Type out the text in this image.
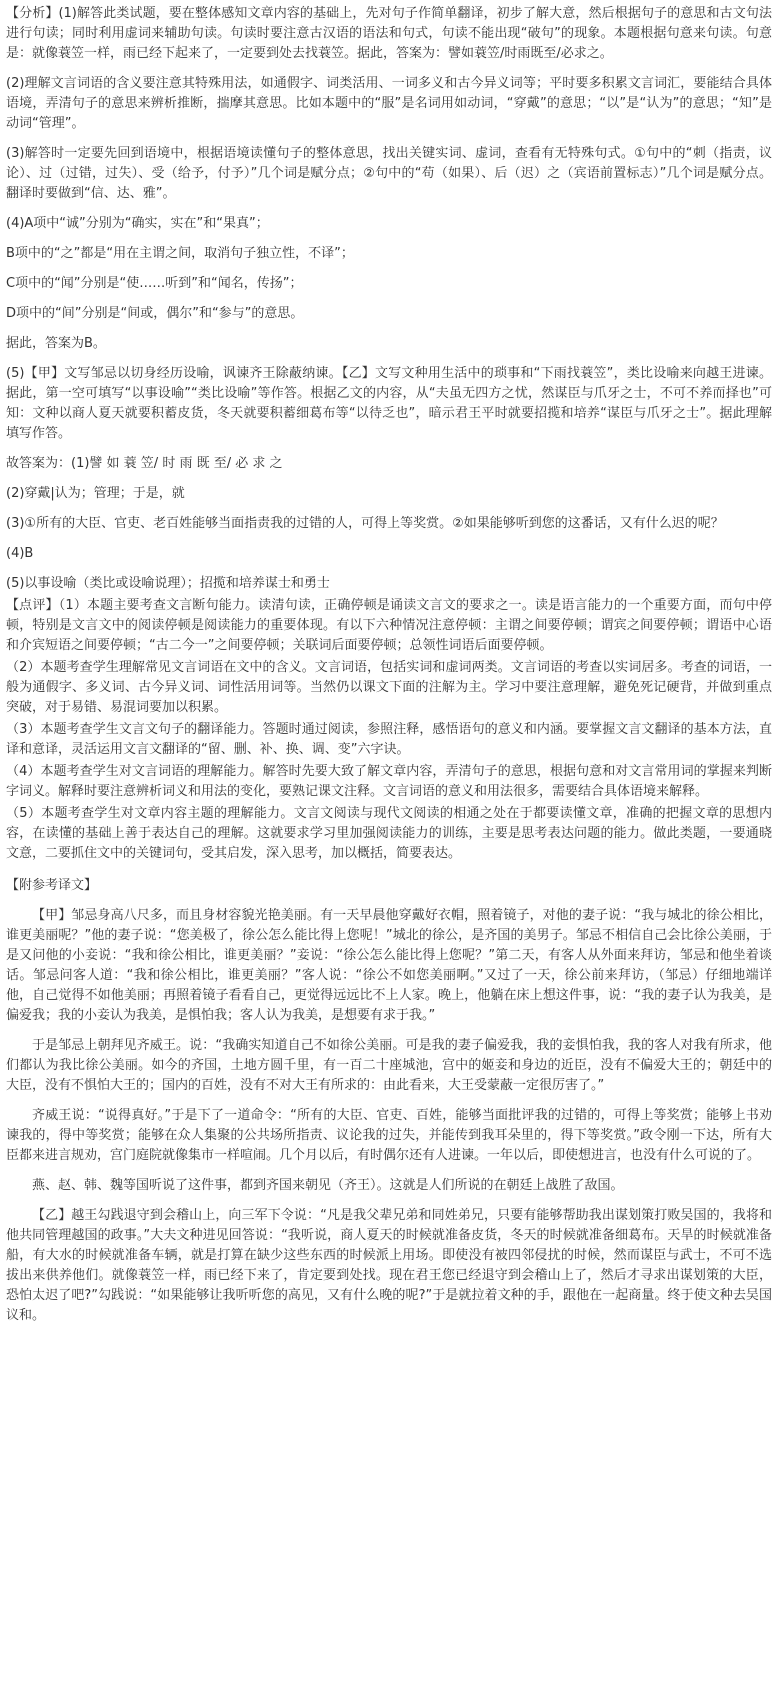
【分析】(1)解答此类试题，要在整体感知文章内容的基础上，先对句子作简单翻译，初步了解大意，然后根据句子的意思和古文句法进行句读；同时利用虚词来辅助句读。句读时要注意古汉语的语法和句式，句读不能出现“破句”的现象。本题根据句意来句读。句意是：就像蓑笠一样，雨已经下起来了，一定要到处去找蓑笠。据此，答案为：譬如蓑笠/时雨既至/必求之。

(2)理解文言词语的含义要注意其特殊用法，如通假字、词类活用、一词多义和古今异义词等；平时要多积累文言词汇，要能结合具体语境，弄清句子的意思来辨析推断，揣摩其意思。比如本题中的“服”是名词用如动词，“穿戴”的意思；“以”是“认为”的意思；“知”是动词“管理”。

(3)解答时一定要先回到语境中，根据语境读懂句子的整体意思，找出关键实词、虚词，查看有无特殊句式。①句中的“刺（指责，议论）、过（过错，过失）、受（给予，付予）”几个词是赋分点；②句中的“苟（如果）、后（迟）之（宾语前置标志）”几个词是赋分点。翻译时要做到“信、达、雅”。

(4)A项中“诚”分别为“确实，实在”和“果真”；

B项中的“之”都是“用在主谓之间，取消句子独立性，不译”；

C项中的“闻”分别是“使……听到”和“闻名，传扬”；

D项中的“间”分别是“间或，偶尔”和“参与”的意思。

据此，答案为B。

(5)【甲】文写邹忌以切身经历设喻，讽谏齐王除蔽纳谏。【乙】文写文种用生活中的琐事和“下雨找蓑笠”，类比设喻来向越王进谏。据此，第一空可填写“以事设喻”“类比设喻”等作答。根据乙文的内容，从“夫虽无四方之忧，然谋臣与爪牙之士，不可不养而择也”可知：文种以商人夏天就要积蓄皮货，冬天就要积蓄细葛布等“以待乏也”，暗示君王平时就要招揽和培养“谋臣与爪牙之士”。据此理解填写作答。

故答案为：(1)譬 如 蓑 笠/ 时 雨 既 至/ 必 求 之

(2)穿戴|认为；管理；于是，就

(3)①所有的大臣、官吏、老百姓能够当面指责我的过错的人，可得上等奖赏。②如果能够听到您的这番话，又有什么迟的呢？

(4)B

(5)以事设喻（类比或设喻说理）；招揽和培养谋士和勇士

【点评】（1）本题主要考查文言断句能力。读清句读，正确停顿是诵读文言文的要求之一。读是语言能力的一个重要方面，而句中停顿，特别是文言文中的阅读停顿是阅读能力的重要体现。有以下六种情况注意停顿：主谓之间要停顿；谓宾之间要停顿；谓语中心语和介宾短语之间要停顿；“古二今一”之间要停顿；关联词后面要停顿；总领性词语后面要停顿。

（2）本题考查学生理解常见文言词语在文中的含义。文言词语，包括实词和虚词两类。文言词语的考查以实词居多。考查的词语，一般为通假字、多义词、古今异义词、词性活用词等。当然仍以课文下面的注解为主。学习中要注意理解，避免死记硬背，并做到重点突破，对于易错、易混词要加以积累。

（3）本题考查学生文言文句子的翻译能力。答题时通过阅读，参照注释，感悟语句的意义和内涵。要掌握文言文翻译的基本方法，直译和意译，灵活运用文言文翻译的“留、删、补、换、调、变”六字诀。

（4）本题考查学生对文言词语的理解能力。解答时先要大致了解文章内容，弄清句子的意思，根据句意和对文言常用词的掌握来判断字词义。解释时要注意辨析词义和用法的变化，要熟记课文注释。文言词语的意义和用法很多，需要结合具体语境来解释。

（5）本题考查学生对文章内容主题的理解能力。文言文阅读与现代文阅读的相通之处在于都要读懂文章，准确的把握文章的思想内容，在读懂的基础上善于表达自己的理解。这就要求学习里加强阅读能力的训练，主要是思考表达问题的能力。做此类题，一要通晓文意，二要抓住文中的关键词句，受其启发，深入思考，加以概括，简要表达。

【附参考译文】

【甲】邹忌身高八尺多，而且身材容貌光艳美丽。有一天早晨他穿戴好衣帽，照着镜子，对他的妻子说：“我与城北的徐公相比，谁更美丽呢？”他的妻子说：“您美极了，徐公怎么能比得上您呢！”城北的徐公，是齐国的美男子。邹忌不相信自己会比徐公美丽，于是又问他的小妾说：“我和徐公相比，谁更美丽？”妾说：“徐公怎么能比得上您呢？”第二天，有客人从外面来拜访，邹忌和他坐着谈话。邹忌问客人道：“我和徐公相比，谁更美丽？”客人说：“徐公不如您美丽啊。”又过了一天，徐公前来拜访，（邹忌）仔细地端详他，自己觉得不如他美丽；再照着镜子看看自己，更觉得远远比不上人家。晚上，他躺在床上想这件事，说：“我的妻子认为我美，是偏爱我；我的小妾认为我美，是惧怕我；客人认为我美，是想要有求于我。”

于是邹忌上朝拜见齐威王。说：“我确实知道自己不如徐公美丽。可是我的妻子偏爱我，我的妾惧怕我，我的客人对我有所求，他们都认为我比徐公美丽。如今的齐国，土地方圆千里，有一百二十座城池，宫中的姬妾和身边的近臣，没有不偏爱大王的；朝廷中的大臣，没有不惧怕大王的；国内的百姓，没有不对大王有所求的：由此看来，大王受蒙蔽一定很厉害了。”

齐威王说：“说得真好。”于是下了一道命令：“所有的大臣、官吏、百姓，能够当面批评我的过错的，可得上等奖赏；能够上书劝谏我的，得中等奖赏；能够在众人集聚的公共场所指责、议论我的过失，并能传到我耳朵里的，得下等奖赏。”政令刚一下达，所有大臣都来进言规劝，宫门庭院就像集市一样喧闹。几个月以后，有时偶尔还有人进谏。一年以后，即使想进言，也没有什么可说的了。

燕、赵、韩、魏等国听说了这件事，都到齐国来朝见（齐王）。这就是人们所说的在朝廷上战胜了敌国。

【乙】越王勾践退守到会稽山上，向三军下令说：“凡是我父辈兄弟和同姓弟兄，只要有能够帮助我出谋划策打败吴国的，我将和他共同管理越国的政事。”大夫文种进见回答说：“我听说，商人夏天的时候就准备皮货，冬天的时候就准备细葛布。天旱的时候就准备船，有大水的时候就准备车辆，就是打算在缺少这些东西的时候派上用场。即使没有被四邻侵扰的时候，然而谋臣与武士，不可不选拔出来供养他们。就像蓑笠一样，雨已经下来了，肯定要到处找。现在君王您已经退守到会稽山上了，然后才寻求出谋划策的大臣，恐怕太迟了吧?”勾践说：“如果能够让我听听您的高见，又有什么晚的呢?”于是就拉着文种的手，跟他在一起商量。终于使文种去吴国议和。
